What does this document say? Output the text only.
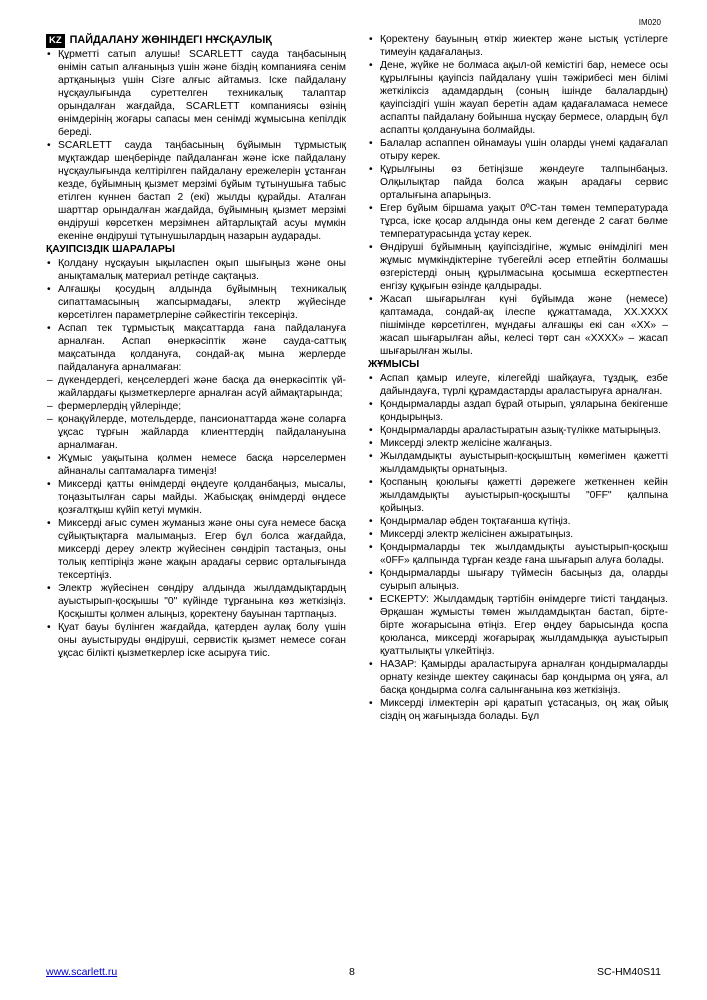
IM020

KZ ПАЙДАЛАНУ ЖӨНІНДЕГІ НҰСҚАУЛЫҚ

• Құрметті сатып алушы! SCARLETT сауда таңбасының өнімін сатып алғаныңыз үшін және біздің компанияға сенім артқаныңыз үшін Сізге алғыс айтамыз. Іске пайдалану нұсқаулығында суреттелген техникалық талаптар орындалған жағдайда, SCARLETT компаниясы өзінің өнімдерінің жоғары сапасы мен сенімді жұмысына кепілдік береді.

• SCARLETT сауда таңбасының бұйымын тұрмыстық мұқтаждар шеңберінде пайдаланған және іске пайдалану нұсқаулығында келтірілген пайдалану ережелерін ұстанған кезде, бұйымның қызмет мерзімі бұйым тұтынушыға табыс етілген күннен бастап 2 (екі) жылды құрайды. Аталған шарттар орындалған жағдайда, бұйымның қызмет мерзімі өндіруші көрсеткен мерзімнен айтарлықтай асуы мүмкін екеніне өндіруші тұтынушылардың назарын аударады.

ҚАУІПСІЗДІК ШАРАЛАРЫ

• Қолдану нұсқауын ықыласпен оқып шығыңыз және оны анықтамалық материал ретінде сақтаңыз.

• Алғашқы қосудың алдында бұйымның техникалық сипаттамасының жапсырмадағы, электр жүйесінде көрсетілген параметрлеріне сәйкестігін тексеріңіз.

• Аспап тек тұрмыстық мақсаттарда ғана пайдалануға арналған. Аспап өнеркәсіптік және сауда-саттық мақсатында қолдануға, сондай-ақ мына жерлерде пайдалануға арналмаған:

– дүкендердегі, кеңселердегі және басқа да өнеркәсіптік үй-жайлардағы қызметкерлерге арналған асүй аймақтарында;

– фермерлердің үйлерінде;

– қонақүйлерде, мотельдерде, пансионаттарда және соларға ұқсас тұрғын жайларда клиенттердің пайдалануына арналмаған.

• Жұмыс уақытына қолмен немесе басқа нәрселермен айнаналы саптамаларға тимеңіз!

• Миксерді қатты өнімдерді өңдеуге қолданбаңыз, мысалы, тоңазытылған сары майды. Жабысқақ өнімдерді өңдесе қозғалтқыш күйіп кетуі мүмкін.

• Миксерді ағыс сумен жуманыз және оны суға немесе басқа сұйықтықтарға малымаңыз. Егер бұл болса жағдайда, миксерді дереу электр жүйесінен сөндіріп тастаңыз, оны толық кептіріңіз және жақын арадағы сервис орталығында тексертіңіз.

• Электр жүйесінен сөндіру алдында жылдамдықтардың ауыстырып-қосқышы "0" күйінде тұрғанына көз жеткізіңіз. Қосқышты қолмен алыңыз, қоректену бауынан тартпаңыз.

• Қуат бауы бүлінген жағдайда, қатерден аулақ болу үшін оны ауыстыруды өндіруші, сервистік қызмет немесе соған ұқсас білікті қызметкерлер іске асыруға тиіс.

• Қоректену бауының өткір жиектер және ыстық үстілерге тимеуін қадағалаңыз.

• Дене, жүйке не болмаса ақыл-ой кемістігі бар, немесе осы құрылғыны қауіпсіз пайдалану үшін тәжірибесі мен білімі жеткіліксіз адамдардың (соның ішінде балалардың) қауіпсіздігі үшін жауап беретін адам қадағаламаса немесе аспапты пайдалану бойынша нұсқау бермесе, олардың бұл аспапты қолдануына болмайды.

• Балалар аспаппен ойнамауы үшін оларды үнемі қадағалап отыру керек.

• Құрылғыны өз бетіңізше жөндеуге талпынбаңыз. Олқылықтар пайда болса жақын арадағы сервис орталығына апарыңыз.

• Егер бұйым біршама уақыт 0ºC-тан төмен температурада тұрса, іске қосар алдында оны кем дегенде 2 сағат бөлме температурасында ұстау керек.

• Өндіруші бұйымның қауіпсіздігіне, жұмыс өнімділігі мен жұмыс мүмкіндіктеріне түбегейлі әсер етпейтін болмашы өзгерістерді оның құрылмасына қосымша ескертпестен енгізу құқығын өзінде қалдырады.

• Жасап шығарылған күні бұйымда және (немесе) қаптамада, сондай-ақ ілеспе құжаттамада, XX.XXXX пішімінде көрсетілген, мұндағы алғашқы екі сан «XX» – жасап шығарылған айы, келесі төрт сан «XXXX» – жасап шығарылған жылы.

ЖҰМЫСЫ

• Аспап қамыр илеуге, кілегейді шайқауға, тұздық, езбе дайындауға, түрлі құрамдастарды араластыруға арналған.

• Қондырмаларды аздап бұрай отырып, ұяларына бекігенше қондырыңыз.

• Қондырмаларды араластыратын азық-түлікке матырыңыз.

• Миксерді электр желісіне жалғаңыз.

• Жылдамдықты ауыстырып-қосқыштың көмегімен қажетті жылдамдықты орнатыңыз.

• Қоспаның қоюлығы қажетті дәрежеге жеткеннен кейін жылдамдықты ауыстырып-қосқышты "0FF" қалпына қойыңыз.

• Қондырмалар әбден тоқтағанша күтіңіз.

• Миксерді электр желісінен ажыратыңыз.

• Қондырмаларды тек жылдамдықты ауыстырып-қосқыш «0FF» қалпында тұрған кезде ғана шығарып алуға болады.

• Қондырмаларды шығару түймесін басыңыз да, оларды суырып алыңыз.

• ЕСКЕРТУ: Жылдамдық тәртібін өнімдерге тиісті таңдаңыз. Әрқашан жұмысты төмен жылдамдықтан бастап, бірте-бірте жоғарысына өтіңіз. Егер өңдеу барысында қоспа қоюланса, миксерді жоғарырақ жылдамдыққа ауыстырып қуаттылықты үлкейтіңіз.

• НАЗАР: Қамырды араластыруға арналған қондырмаларды орнату кезінде шектеу сақинасы бар қондырма оң ұяға, ал басқа қондырма солға салынғанына көз жеткізіңіз.

• Миксерді ілмектерін әрі қаратып ұстасаңыз, оң жақ ойық сіздің оң жағыңызда болады. Бұл

www.scarlett.ru	8	SC-HM40S11
